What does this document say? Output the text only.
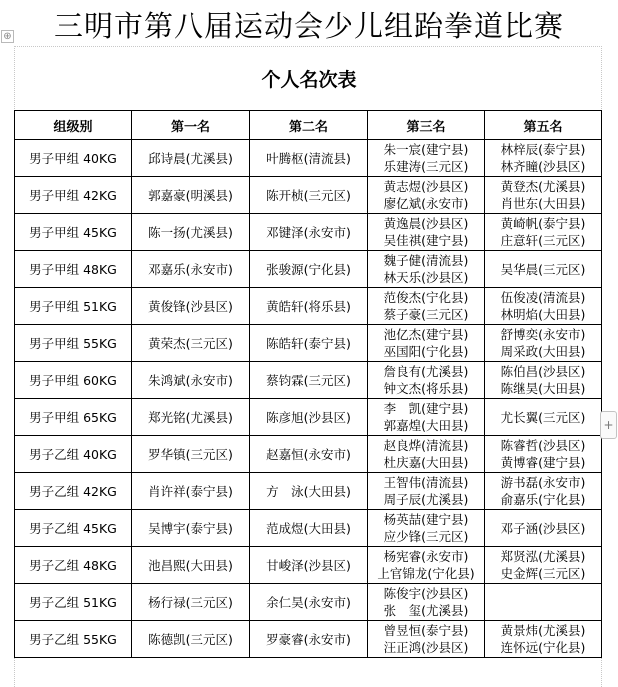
三明市第八届运动会少儿组跆拳道比赛
⊕
个人名次表
组级别	第一名	第二名	第三名	第五名
男子甲组 40KG	邱诗晨(尤溪县)	叶腾枢(清流县)	朱一宸(建宁县)
乐建涛(三元区)	林梓辰(泰宁县)
林齐瞳(沙县区)

男子甲组 42KG	郭嘉豪(明溪县)	陈开桢(三元区)	黄志煜(沙县区)
廖亿斌(永安市)	黄登杰(尤溪县)
肖世东(大田县)

男子甲组 45KG	陈一扬(尤溪县)	邓键泽(永安市)	黄逸晨(沙县区)
吴佳祺(建宁县)	黄崎帆(泰宁县)
庄意轩(三元区)

男子甲组 48KG	邓嘉乐(永安市)	张骏源(宁化县)	魏子健(清流县)
林天乐(沙县区)	吴华晨(三元区)

男子甲组 51KG	黄俊锋(沙县区)	黄皓轩(将乐县)	范俊杰(宁化县)
蔡子豪(三元区)	伍俊凌(清流县)
林明焰(大田县)

男子甲组 55KG	黄荣杰(三元区)	陈皓轩(泰宁县)	池亿杰(建宁县)
巫国阳(宁化县)	舒博奕(永安市)
周采政(大田县)

男子甲组 60KG	朱鸿斌(永安市)	蔡钧霖(三元区)	詹良有(尤溪县)
钟文杰(将乐县)	陈伯昌(沙县区)
陈继昊(大田县)

男子甲组 65KG	郑光铭(尤溪县)	陈彦旭(沙县区)	李　凯(建宁县)
郭嘉煌(大田县)	尤长翼(三元区)

男子乙组 40KG	罗华镇(三元区)	赵嘉恒(永安市)	赵良烨(清流县)
杜庆嘉(大田县)	陈睿哲(沙县区)
黄博睿(建宁县)

男子乙组 42KG	肖许祥(泰宁县)	方　泳(大田县)	王智伟(清流县)
周子辰(尤溪县)	游书磊(永安市)
俞嘉乐(宁化县)

男子乙组 45KG	吴博宇(泰宁县)	范成煜(大田县)	杨英喆(建宁县)
应少锋(三元区)	邓子涵(沙县区)

男子乙组 48KG	池昌熙(大田县)	甘峻泽(沙县区)	杨宪睿(永安市)
上官锦龙(宁化县)	郑贤泓(尤溪县)
史金辉(三元区)

男子乙组 51KG	杨行禄(三元区)	余仁昊(永安市)	陈俊宇(沙县区)
张　玺(尤溪县)	

男子乙组 55KG	陈德凯(三元区)	罗豪睿(永安市)	曾昱恒(泰宁县)
汪正鸿(沙县区)	黄景炜(尤溪县)
连怀远(宁化县)
+
